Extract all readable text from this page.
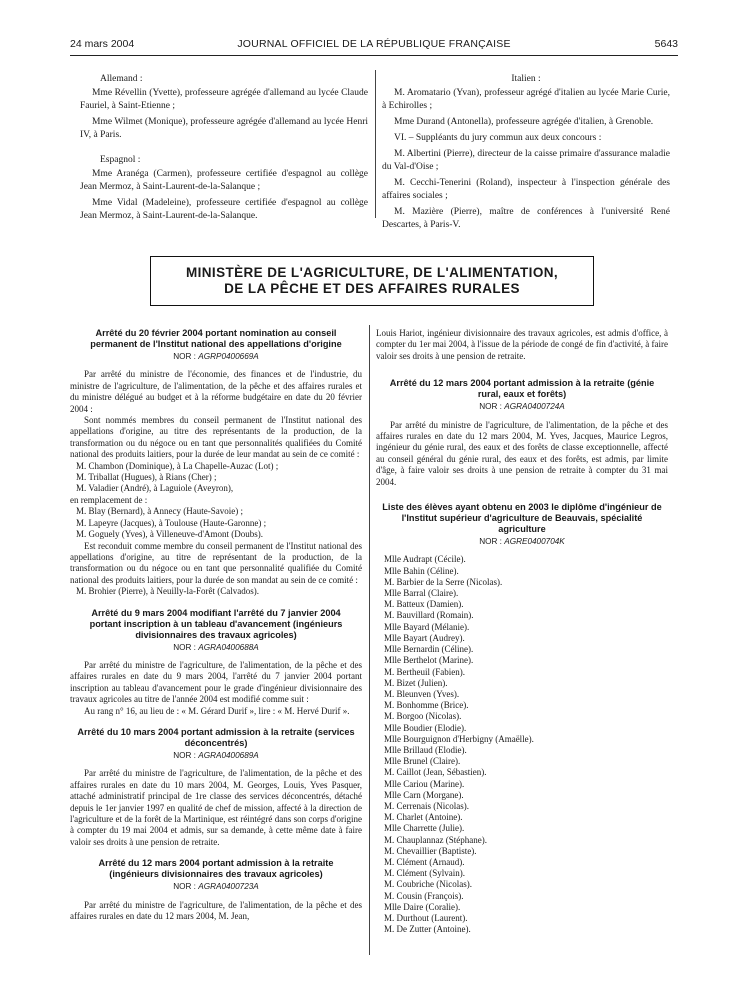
24 mars 2004	JOURNAL OFFICIEL DE LA RÉPUBLIQUE FRANÇAISE	5643
Allemand :

Mme Révellin (Yvette), professeure agrégée d'allemand au lycée Claude Fauriel, à Saint-Etienne ;

Mme Wilmet (Monique), professeure agrégée d'allemand au lycée Henri IV, à Paris.

Espagnol :

Mme Aranéga (Carmen), professeure certifiée d'espagnol au collège Jean Mermoz, à Saint-Laurent-de-la-Salanque ;

Mme Vidal (Madeleine), professeure certifiée d'espagnol au collège Jean Mermoz, à Saint-Laurent-de-la-Salanque.

Italien :

M. Aromatario (Yvan), professeur agrégé d'italien au lycée Marie Curie, à Echirolles ;

Mme Durand (Antonella), professeure agrégée d'italien, à Grenoble.

VI. – Suppléants du jury commun aux deux concours :

M. Albertini (Pierre), directeur de la caisse primaire d'assurance maladie du Val-d'Oise ;

M. Cecchi-Tenerini (Roland), inspecteur à l'inspection générale des affaires sociales ;

M. Mazière (Pierre), maître de conférences à l'université René Descartes, à Paris-V.

MINISTÈRE DE L'AGRICULTURE, DE L'ALIMENTATION,
DE LA PÊCHE ET DES AFFAIRES RURALES
Arrêté du 20 février 2004 portant nomination au conseil permanent de l'Institut national des appellations d'origine
NOR : AGRP0400669A

Par arrêté du ministre de l'économie, des finances et de l'industrie, du ministre de l'agriculture, de l'alimentation, de la pêche et des affaires rurales et du ministre délégué au budget et à la réforme budgétaire en date du 20 février 2004 :

Sont nommés membres du conseil permanent de l'Institut national des appellations d'origine, au titre des représentants de la production, de la transformation ou du négoce ou en tant que personnalités qualifiées du Comité national des produits laitiers, pour la durée de leur mandat au sein de ce comité :

M. Chambon (Dominique), à La Chapelle-Auzac (Lot) ;

M. Triballat (Hugues), à Rians (Cher) ;

M. Valadier (André), à Laguiole (Aveyron),

en remplacement de :

M. Blay (Bernard), à Annecy (Haute-Savoie) ;

M. Lapeyre (Jacques), à Toulouse (Haute-Garonne) ;

M. Goguely (Yves), à Villeneuve-d'Amont (Doubs).

Est reconduit comme membre du conseil permanent de l'Institut national des appellations d'origine, au titre de représentant de la production, de la transformation ou du négoce ou en tant que personnalité qualifiée du Comité national des produits laitiers, pour la durée de son mandat au sein de ce comité :

M. Brohier (Pierre), à Neuilly-la-Forêt (Calvados).

Arrêté du 9 mars 2004 modifiant l'arrêté du 7 janvier 2004 portant inscription à un tableau d'avancement (ingénieurs divisionnaires des travaux agricoles)
NOR : AGRA0400688A

Par arrêté du ministre de l'agriculture, de l'alimentation, de la pêche et des affaires rurales en date du 9 mars 2004, l'arrêté du 7 janvier 2004 portant inscription au tableau d'avancement pour le grade d'ingénieur divisionnaire des travaux agricoles au titre de l'année 2004 est modifié comme suit :

Au rang n° 16, au lieu de : « M. Gérard Durif », lire : « M. Hervé Durif ».

Arrêté du 10 mars 2004 portant admission à la retraite (services déconcentrés)
NOR : AGRA0400689A

Par arrêté du ministre de l'agriculture, de l'alimentation, de la pêche et des affaires rurales en date du 10 mars 2004, M. Georges, Louis, Yves Pasquer, attaché administratif principal de 1re classe des services déconcentrés, détaché depuis le 1er janvier 1997 en qualité de chef de mission, affecté à la direction de l'agriculture et de la forêt de la Martinique, est réintégré dans son corps d'origine à compter du 19 mai 2004 et admis, sur sa demande, à cette même date à faire valoir ses droits à une pension de retraite.

Arrêté du 12 mars 2004 portant admission à la retraite (ingénieurs divisionnaires des travaux agricoles)
NOR : AGRA0400723A

Par arrêté du ministre de l'agriculture, de l'alimentation, de la pêche et des affaires rurales en date du 12 mars 2004, M. Jean,

Louis Hariot, ingénieur divisionnaire des travaux agricoles, est admis d'office, à compter du 1er mai 2004, à l'issue de la période de congé de fin d'activité, à faire valoir ses droits à une pension de retraite.

Arrêté du 12 mars 2004 portant admission à la retraite (génie rural, eaux et forêts)
NOR : AGRA0400724A

Par arrêté du ministre de l'agriculture, de l'alimentation, de la pêche et des affaires rurales en date du 12 mars 2004, M. Yves, Jacques, Maurice Legros, ingénieur du génie rural, des eaux et des forêts de classe exceptionnelle, affecté au conseil général du génie rural, des eaux et des forêts, est admis, par limite d'âge, à faire valoir ses droits à une pension de retraite à compter du 31 mai 2004.

Liste des élèves ayant obtenu en 2003 le diplôme d'ingénieur de l'Institut supérieur d'agriculture de Beauvais, spécialité agriculture
NOR : AGRE0400704K

Mlle Audrapt (Cécile).

Mlle Bahin (Céline).

M. Barbier de la Serre (Nicolas).

Mlle Barral (Claire).

M. Batteux (Damien).

M. Bauvillard (Romain).

Mlle Bayard (Mélanie).

Mlle Bayart (Audrey).

Mlle Bernardin (Céline).

Mlle Berthelot (Marine).

M. Bertheuil (Fabien).

M. Bizet (Julien).

M. Bleunven (Yves).

M. Bonhomme (Brice).

M. Borgoo (Nicolas).

Mlle Boudier (Elodie).

Mlle Bourguignon d'Herbigny (Amaëlle).

Mlle Brillaud (Elodie).

Mlle Brunel (Claire).

M. Caillot (Jean, Sébastien).

Mlle Cariou (Marine).

Mlle Carn (Morgane).

M. Cerrenais (Nicolas).

M. Charlet (Antoine).

Mlle Charrette (Julie).

M. Chauplannaz (Stéphane).

M. Chevaillier (Baptiste).

M. Clément (Arnaud).

M. Clément (Sylvain).

M. Coubriche (Nicolas).

M. Cousin (François).

Mlle Daire (Coralie).

M. Durthout (Laurent).

M. De Zutter (Antoine).
